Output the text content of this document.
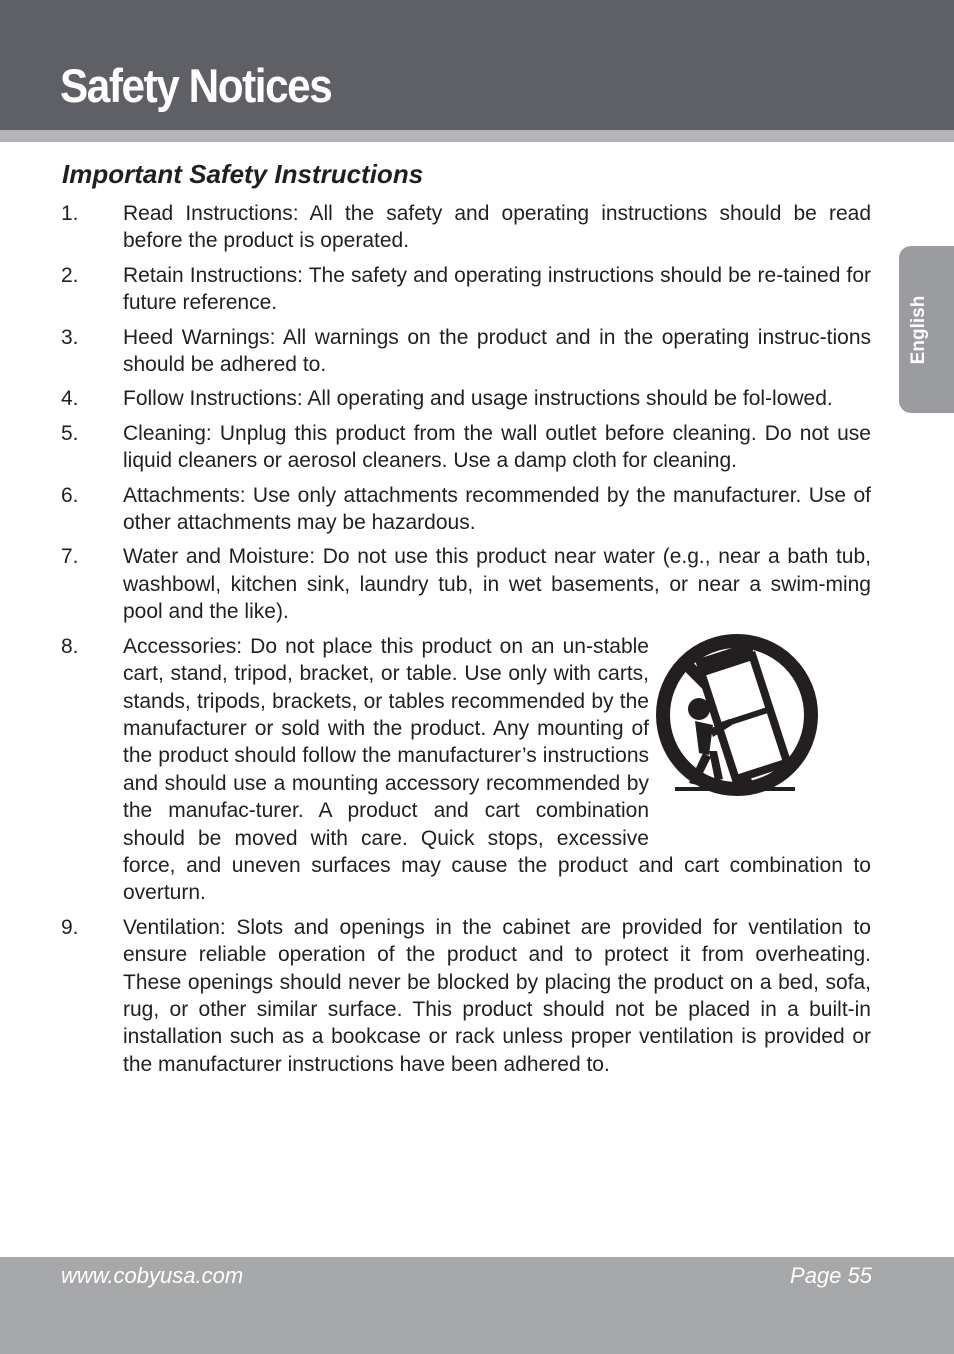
Safety Notices
English
Important Safety Instructions
1. Read Instructions: All the safety and operating instructions should be read before the product is operated.
2. Retain Instructions: The safety and operating instructions should be re-tained for future reference.
3. Heed Warnings: All warnings on the product and in the operating instruc-tions should be adhered to.
4. Follow Instructions: All operating and usage instructions should be fol-lowed.
5. Cleaning: Unplug this product from the wall outlet before cleaning. Do not use liquid cleaners or aerosol cleaners. Use a damp cloth for cleaning.
6. Attachments: Use only attachments recommended by the manufacturer. Use of other attachments may be hazardous.
7. Water and Moisture: Do not use this product near water (e.g., near a bath tub, washbowl, kitchen sink, laundry tub, in wet basements, or near a swim-ming pool and the like).
8. Accessories: Do not place this product on an un-stable cart, stand, tripod, bracket, or table. Use only with carts, stands, tripods, brackets, or tables recommended by the manufacturer or sold with the product. Any mounting of the product should follow the manufacturer’s instructions and should use a mounting accessory recommended by the manufac-turer. A product and cart combination should be moved with care. Quick stops, excessive force, and uneven surfaces may cause the product and cart combination to overturn.
9. Ventilation: Slots and openings in the cabinet are provided for ventilation to ensure reliable operation of the product and to protect it from overheating. These openings should never be blocked by placing the product on a bed, sofa, rug, or other similar surface. This product should not be placed in a built-in installation such as a bookcase or rack unless proper ventilation is provided or the manufacturer instructions have been adhered to.
www.cobyusa.com	Page 55
